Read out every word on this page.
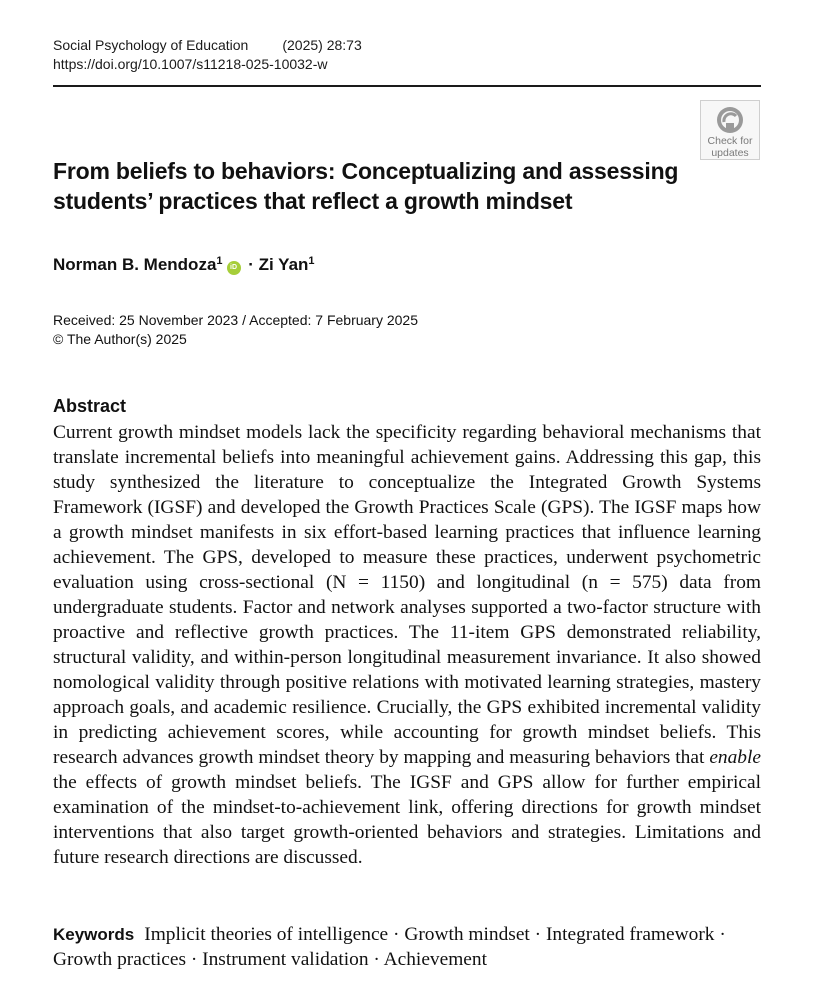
Social Psychology of Education (2025) 28:73
https://doi.org/10.1007/s11218-025-10032-w
Check for
updates
From beliefs to behaviors: Conceptualizing and assessing students’ practices that reflect a growth mindset
Norman B. Mendoza$^1$iD · Zi Yan$^1$
Received: 25 November 2023 / Accepted: 7 February 2025
© The Author(s) 2025
Abstract

Current growth mindset models lack the specificity regarding behavioral mechanisms that translate incremental beliefs into meaningful achievement gains. Addressing this gap, this study synthesized the literature to conceptualize the Integrated Growth Systems Framework (IGSF) and developed the Growth Practices Scale (GPS). The IGSF maps how a growth mindset manifests in six effort-based learning practices that influence learning achievement. The GPS, developed to measure these practices, underwent psychometric evaluation using cross-sectional (N = 1150) and longitudinal (n = 575) data from undergraduate students. Factor and network analyses supported a two-factor structure with proactive and reflective growth practices. The 11-item GPS demonstrated reliability, structural validity, and within-person longitudinal measurement invariance. It also showed nomological validity through positive relations with motivated learning strategies, mastery approach goals, and academic resilience. Crucially, the GPS exhibited incremental validity in predicting achievement scores, while accounting for growth mindset beliefs. This research advances growth mindset theory by mapping and measuring behaviors that enable the effects of growth mindset beliefs. The IGSF and GPS allow for further empirical examination of the mindset-to-achievement link, offering directions for growth mindset interventions that also target growth-oriented behaviors and strategies. Limitations and future research directions are discussed.

Keywords Implicit theories of intelligence · Growth mindset · Integrated framework · Growth practices · Instrument validation · Achievement
